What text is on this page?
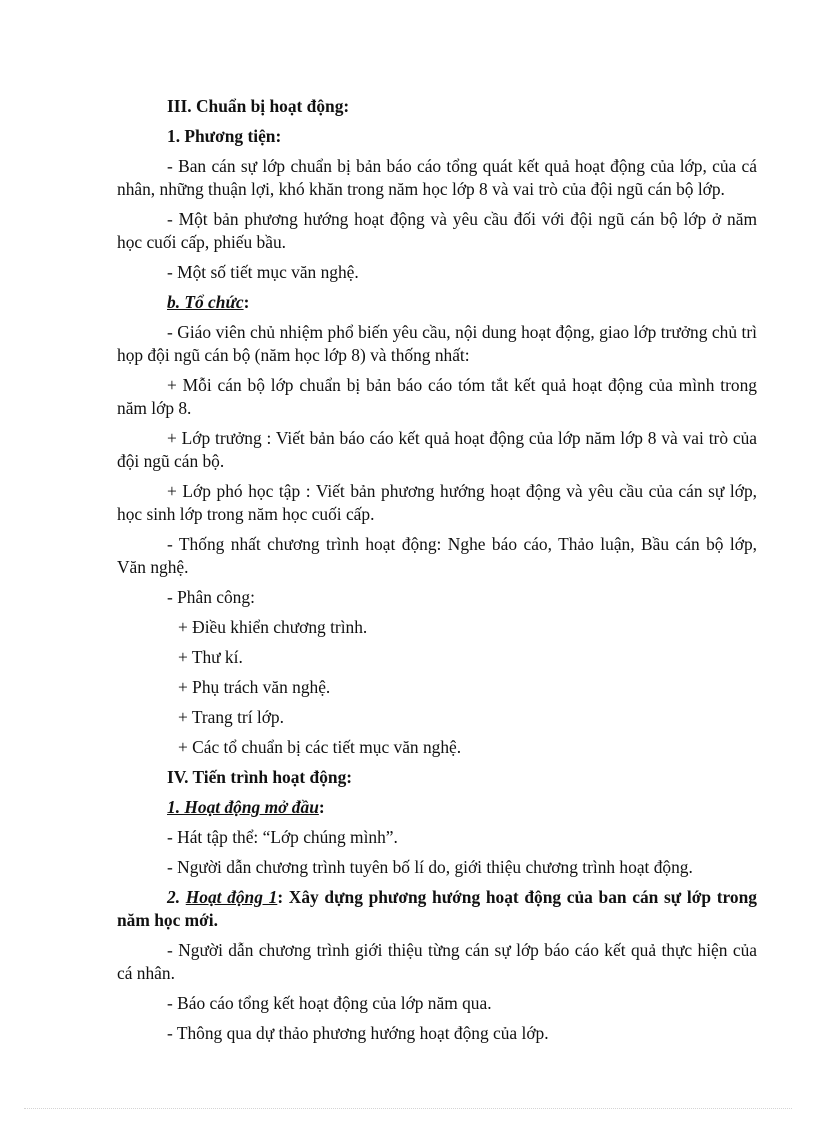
III. Chuẩn bị hoạt động:

1. Phương tiện:

- Ban cán sự lớp chuẩn bị bản báo cáo tổng quát kết quả hoạt động của lớp, của cá nhân, những thuận lợi, khó khăn trong năm học lớp 8 và vai trò của đội ngũ cán bộ lớp.

- Một bản phương hướng hoạt động và yêu cầu đối với đội ngũ cán bộ lớp ở năm học cuối cấp, phiếu bầu.

- Một số tiết mục văn nghệ.

b. Tổ chức:

- Giáo viên chủ nhiệm phổ biến yêu cầu, nội dung hoạt động, giao lớp trưởng chủ trì họp đội ngũ cán bộ (năm học lớp 8) và thống nhất:

+ Mỗi cán bộ lớp chuẩn bị bản báo cáo tóm tắt kết quả hoạt động của mình trong năm lớp 8.

+ Lớp trưởng : Viết bản báo cáo kết quả hoạt động của lớp năm lớp 8 và vai trò của đội ngũ cán bộ.

+ Lớp phó học tập : Viết bản phương hướng hoạt động và yêu cầu của cán sự lớp, học sinh lớp trong năm học cuối cấp.

- Thống nhất chương trình hoạt động: Nghe báo cáo, Thảo luận, Bầu cán bộ lớp, Văn nghệ.

- Phân công:

+ Điều khiển chương trình.

+ Thư kí.

+ Phụ trách văn nghệ.

+ Trang trí lớp.

+ Các tổ chuẩn bị các tiết mục văn nghệ.

IV. Tiến trình hoạt động:

1. Hoạt động mở đầu:

- Hát tập thể: “Lớp chúng mình”.

- Người dẫn chương trình tuyên bố lí do, giới thiệu chương trình hoạt động.

2. Hoạt động 1: Xây dựng phương hướng hoạt động của ban cán sự lớp trong năm học mới.

- Người dẫn chương trình giới thiệu từng cán sự lớp báo cáo kết quả thực hiện của cá nhân.

- Báo cáo tổng kết hoạt động của lớp năm qua.

- Thông qua dự thảo phương hướng hoạt động của lớp.
